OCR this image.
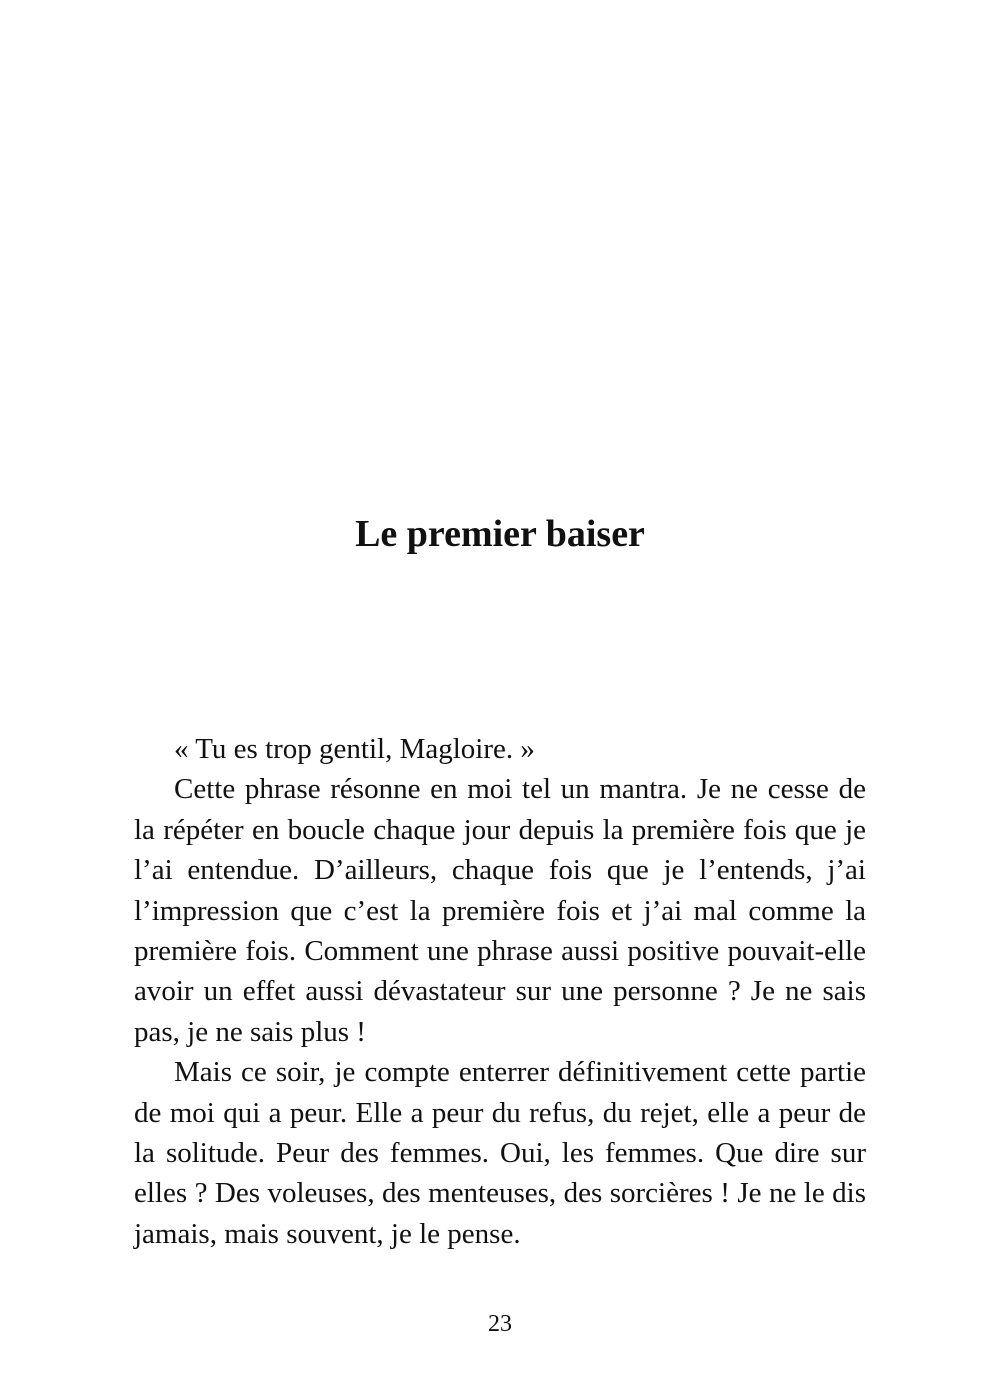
Le premier baiser

« Tu es trop gentil, Magloire. »

Cette phrase résonne en moi tel un mantra. Je ne cesse de la répéter en boucle chaque jour depuis la première fois que je l’ai entendue. D’ailleurs, chaque fois que je l’entends, j’ai l’impression que c’est la première fois et j’ai mal comme la première fois. Comment une phrase aussi positive pouvait-elle avoir un effet aussi dévastateur sur une personne ? Je ne sais pas, je ne sais plus !

Mais ce soir, je compte enterrer définitivement cette partie de moi qui a peur. Elle a peur du refus, du rejet, elle a peur de la solitude. Peur des femmes. Oui, les femmes. Que dire sur elles ? Des voleuses, des menteuses, des sorcières ! Je ne le dis jamais, mais souvent, je le pense.

23
